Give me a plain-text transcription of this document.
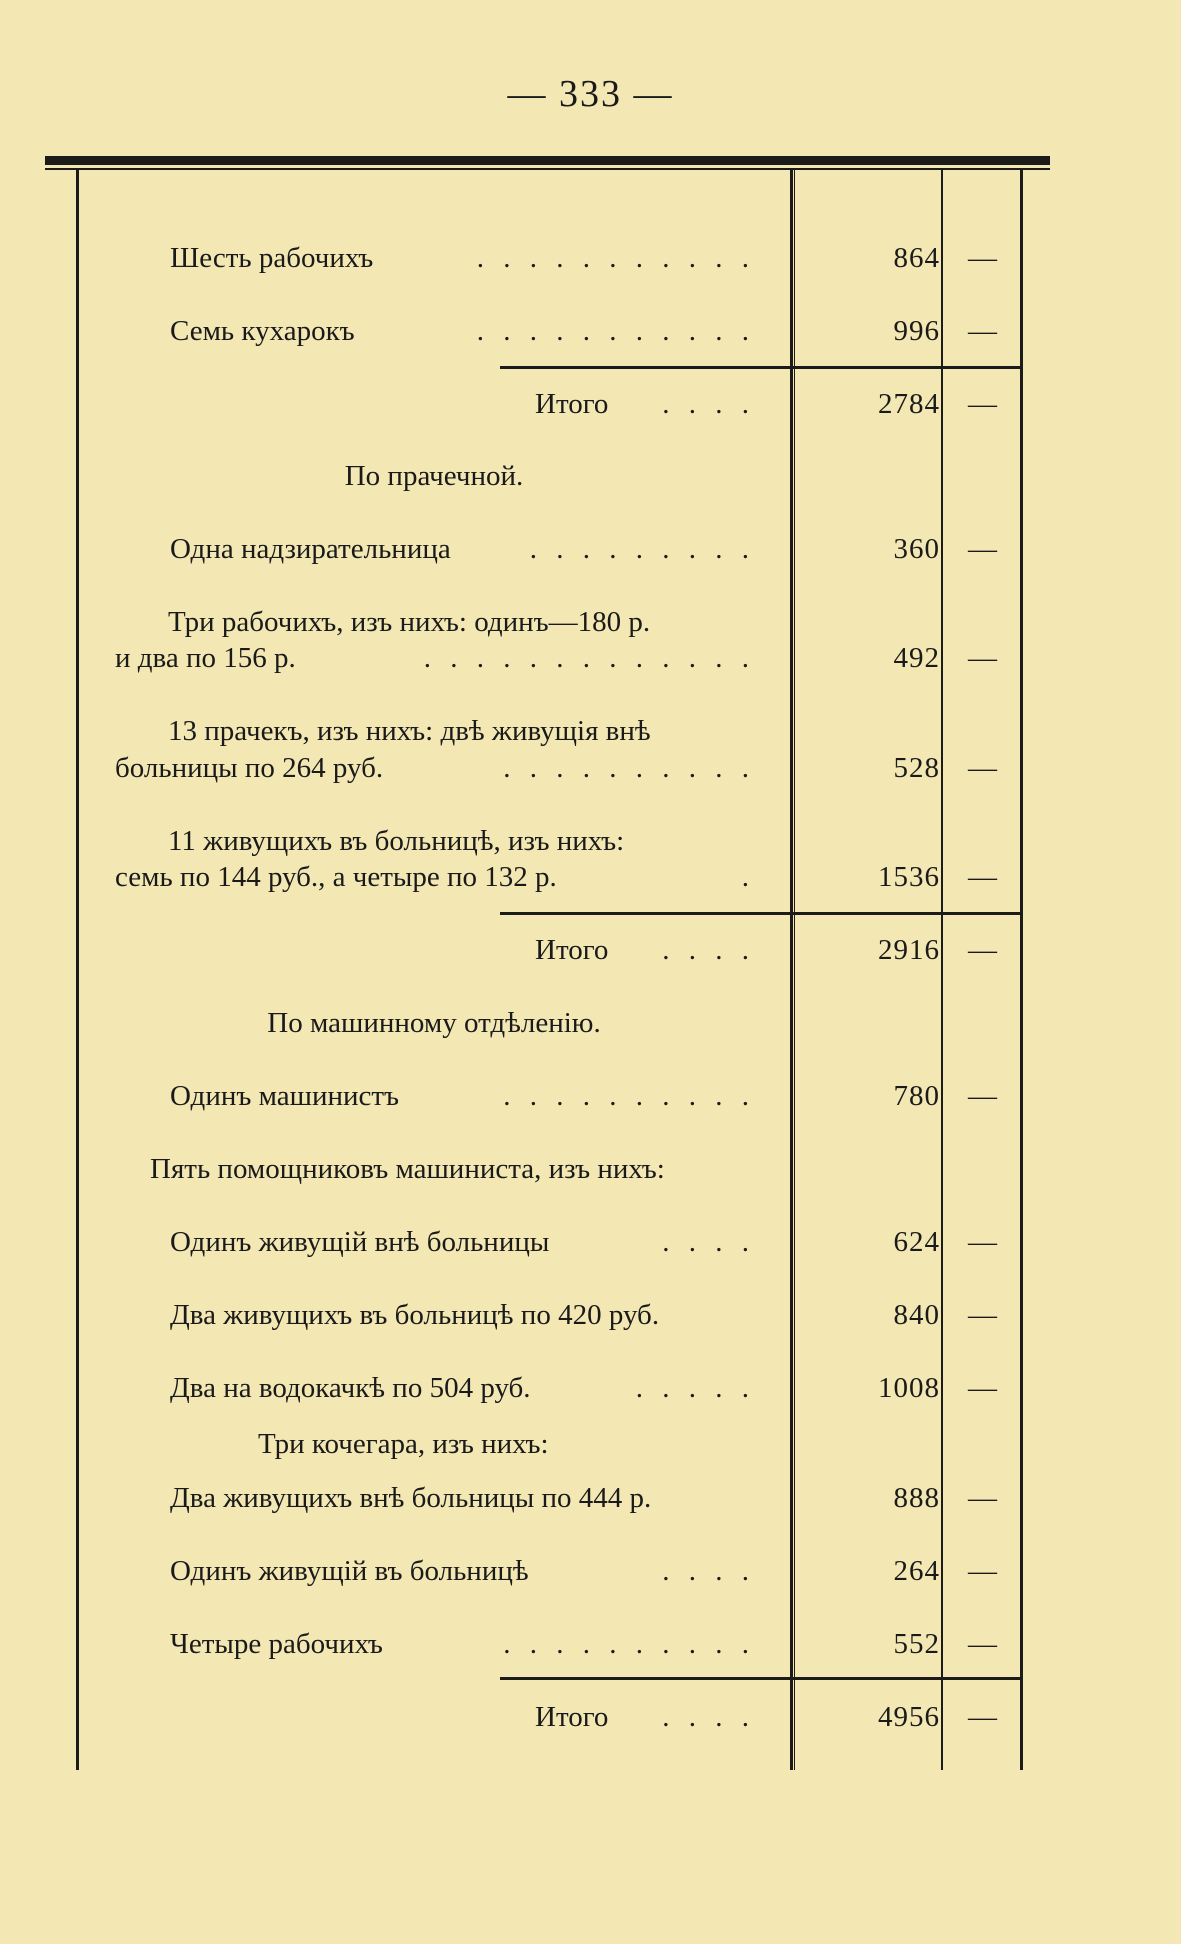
— 333 —
Шесть рабочихъ	. . . . . . . . . . .	864 —
Семь кухарокъ	. . . . . . . . . . .	996 —
Итого . . . .	2784 —
По прачечной.
Одна надзирательница	. . . . . . . . .	360 —
Три рабочихъ, изъ нихъ: одинъ—180 р.
и два по 156 р.	. . . . . . . . . . . . .	492 —
13 прачекъ, изъ нихъ: двѣ живущія внѣ
больницы по 264 руб.	. . . . . . . . . .	528 —
11 живущихъ въ больницѣ, изъ нихъ:
семь по 144 руб., а четыре по 132 р.	.	1536 —
Итого . . . .	2916 —
По машинному отдѣленію.
Одинъ машинистъ	. . . . . . . . . .	780 —
Пять помощниковъ машиниста, изъ нихъ:
Одинъ живущій внѣ больницы	. . . .	624 —
Два живущихъ въ больницѣ по 420 руб.	840 —
Два на водокачкѣ по 504 руб.	. . . . .	1008 —
Три кочегара, изъ нихъ:
Два живущихъ внѣ больницы по 444 р.	888 —
Одинъ живущій въ больницѣ	. . . .	264 —
Четыре рабочихъ	. . . . . . . . . .	552 —
Итого . . . .	4956 —
